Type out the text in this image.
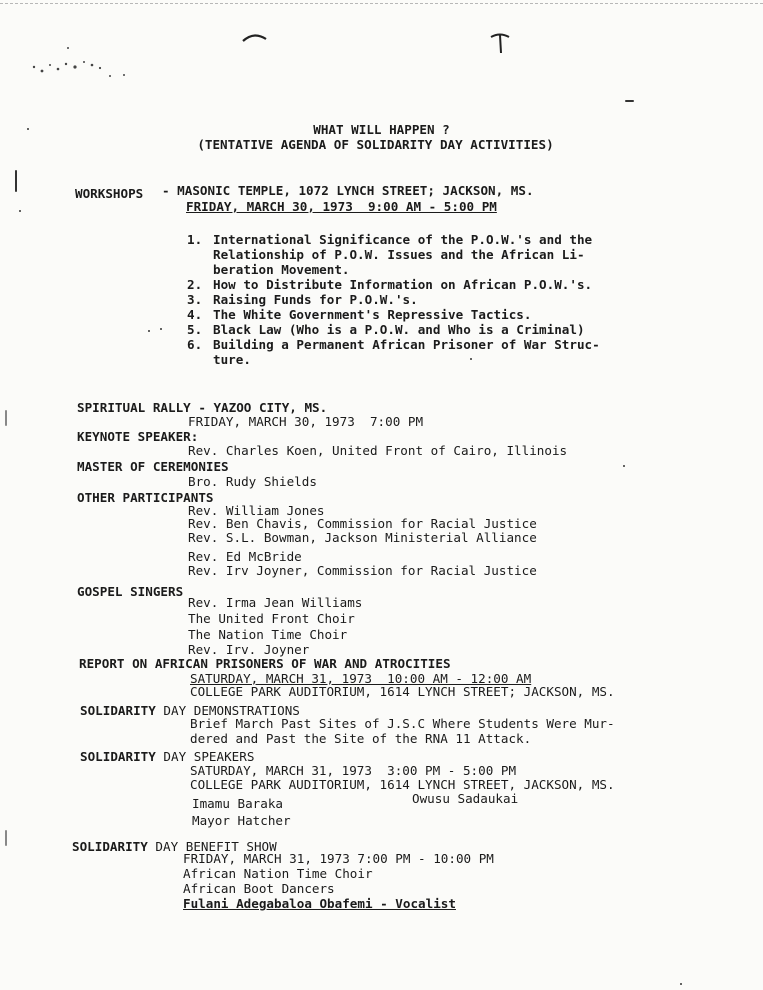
WHAT WILL HAPPEN ?
(TENTATIVE AGENDA OF SOLIDARITY DAY ACTIVITIES)
WORKSHOPS - MASONIC TEMPLE, 1072 LYNCH STREET; JACKSON, MS.
FRIDAY, MARCH 30, 1973  9:00 AM - 5:00 PM
1. International Significance of the P.O.W.'s and the
Relationship of P.O.W. Issues and the African Li-
beration Movement.
2. How to Distribute Information on African P.O.W.'s.
3. Raising Funds for P.O.W.'s.
4. The White Government's Repressive Tactics.
5. Black Law (Who is a P.O.W. and Who is a Criminal)
6. Building a Permanent African Prisoner of War Struc-
ture.
SPIRITUAL RALLY - YAZOO CITY, MS.
FRIDAY, MARCH 30, 1973  7:00 PM
KEYNOTE SPEAKER:
Rev. Charles Koen, United Front of Cairo, Illinois
MASTER OF CEREMONIES
Bro. Rudy Shields
OTHER PARTICIPANTS
Rev. William Jones
Rev. Ben Chavis, Commission for Racial Justice
Rev. S.L. Bowman, Jackson Ministerial Alliance
Rev. Ed McBride
Rev. Irv Joyner, Commission for Racial Justice
GOSPEL SINGERS
Rev. Irma Jean Williams
The United Front Choir
The Nation Time Choir
Rev. Irv. Joyner
REPORT ON AFRICAN PRISONERS OF WAR AND ATROCITIES
SATURDAY, MARCH 31, 1973  10:00 AM - 12:00 AM
COLLEGE PARK AUDITORIUM, 1614 LYNCH STREET; JACKSON, MS.
SOLIDARITY DAY DEMONSTRATIONS
Brief March Past Sites of J.S.C Where Students Were Mur-
dered and Past the Site of the RNA 11 Attack.
SOLIDARITY DAY SPEAKERS
SATURDAY, MARCH 31, 1973  3:00 PM - 5:00 PM
COLLEGE PARK AUDITORIUM, 1614 LYNCH STREET, JACKSON, MS.
Imamu Baraka	Owusu Sadaukai
Mayor Hatcher
SOLIDARITY DAY BENEFIT SHOW
FRIDAY, MARCH 31, 1973 7:00 PM - 10:00 PM
African Nation Time Choir
African Boot Dancers
Fulani Adegabaloa Obafemi - Vocalist
